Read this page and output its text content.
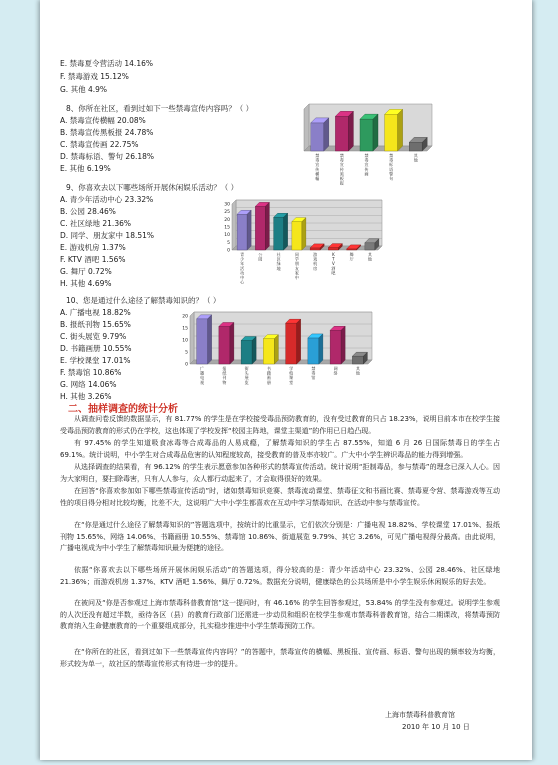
E. 禁毒夏令营活动 14.16%
F. 禁毒游戏 15.12%
G. 其他 4.9%
8、你所在社区，看到过如下一些禁毒宣传内容吗？（ ）
A. 禁毒宣传横幅 20.08%
B. 禁毒宣传黑板报 24.78%
C. 禁毒宣传画 22.75%
D. 禁毒标语、警句 26.18%
E. 其他 6.19%
禁毒宣传横幅
禁毒宣传黑板报
禁毒宣传画
禁毒标语警句
其他
9、你喜欢去以下哪些场所开展休闲娱乐活动？（ ）
A. 青少年活动中心 23.32%
B. 公园 28.46%
C. 社区绿地 21.36%
D. 同学、朋友家中 18.51%
E. 游戏机房 1.37%
F. KTV 酒吧 1.56%
G. 舞厅 0.72%
H. 其他 4.69%
0
5
10
15
20
25
30
青少年活动中心
公园
社区绿地
同学朋友家中
游戏机房
K T V 酒吧
舞厅
其他
10、您是通过什么途径了解禁毒知识的？（ ）
A. 广播电视 18.82%
B. 报纸刊物 15.65%
C. 街头展览 9.79%
D. 书籍画册 10.55%
E. 学校课堂 17.01%
F. 禁毒馆 10.86%
G. 网络 14.06%
H. 其他 3.26%
0
5
10
15
20
广播电视
报纸刊物
街头展览
书籍画册
学校课堂
禁毒馆
网络
其他
二、抽样调查的统计分析
从调查问卷反馈的数据显示，有 81.77% 的学生是在学校接受毒品预防教育的，没有受过教育的只占 18.23%，说明目前本市在校学生接受毒品预防教育的形式仍在学校，这也体现了学校发挥“校园主阵地，课堂主渠道”的作用已日趋凸现。
有 97.45% 的学生知道吸食冰毒等合成毒品的人易成瘾，了解禁毒知识的学生占 87.55%，知道 6 月 26 日国际禁毒日的学生占 69.1%。统计说明，中小学生对合成毒品危害的认知程度较高，接受教育的普及率亦较广。广大中小学生辨识毒品的能力得到增强。
从选择调查的结果看，有 96.12% 的学生表示愿意参加各种形式的禁毒宣传活动。统计说明“拒制毒品，参与禁毒”的理念已深入人心。因为大家明白，要扫除毒害，只有人人参与，众人都行动起来了，才会取得很好的效果。
在回答“你喜欢参加如下哪些禁毒宣传活动”时，诸如禁毒知识竞赛、禁毒流动课堂、禁毒征文和书画比赛、禁毒夏令营、禁毒游戏等互动性的项目得分相对比较均衡，比差不大，这说明广大中小学生都喜欢在互动中学习禁毒知识、在活动中参与禁毒宣传。
在“你是通过什么途径了解禁毒知识的”答题选项中，按统计的比重显示，它们依次分别是：广播电视 18.82%、学校课堂 17.01%、报纸刊物 15.65%、网络 14.06%、书籍画册 10.55%、禁毒馆 10.86%、街道展览 9.79%、其它 3.26%，可见广播电视得分最高。由此说明，广播电视成为中小学生了解禁毒知识最为便捷的途径。
依据“你喜欢去以下哪些场所开展休闲娱乐活动”的答题选项，得分较高的是：青少年活动中心 23.32%、公园 28.46%、社区绿地 21.36%；而游戏机房 1.37%、KTV 酒吧 1.56%、舞厅 0.72%。数据充分说明，健康绿色的公共场所是中小学生娱乐休闲娱乐的好去处。
在被问及“你是否参观过上海市禁毒科普教育馆”这一提问时，有 46.16% 的学生回答参观过，53.84% 的学生没有参观过。说明学生参观的人次还没有超过半数，亟待各区（县）的教育行政部门还需进一步动员和组织在校学生参观市禁毒科普教育馆，结合二期课改，将禁毒预防教育纳入生命健康教育的一个重要组成部分，扎实稳步推进中小学生禁毒预防工作。
在“你所在的社区，看到过如下一些禁毒宣传内容吗？”的答题中，禁毒宣传的横幅、黑板报、宣传画、标语、警句出现的频率较为均衡，形式较为单一，故社区的禁毒宣传形式有待进一步的提升。
上海市禁毒科普教育馆
2010 年 10 月 10 日
